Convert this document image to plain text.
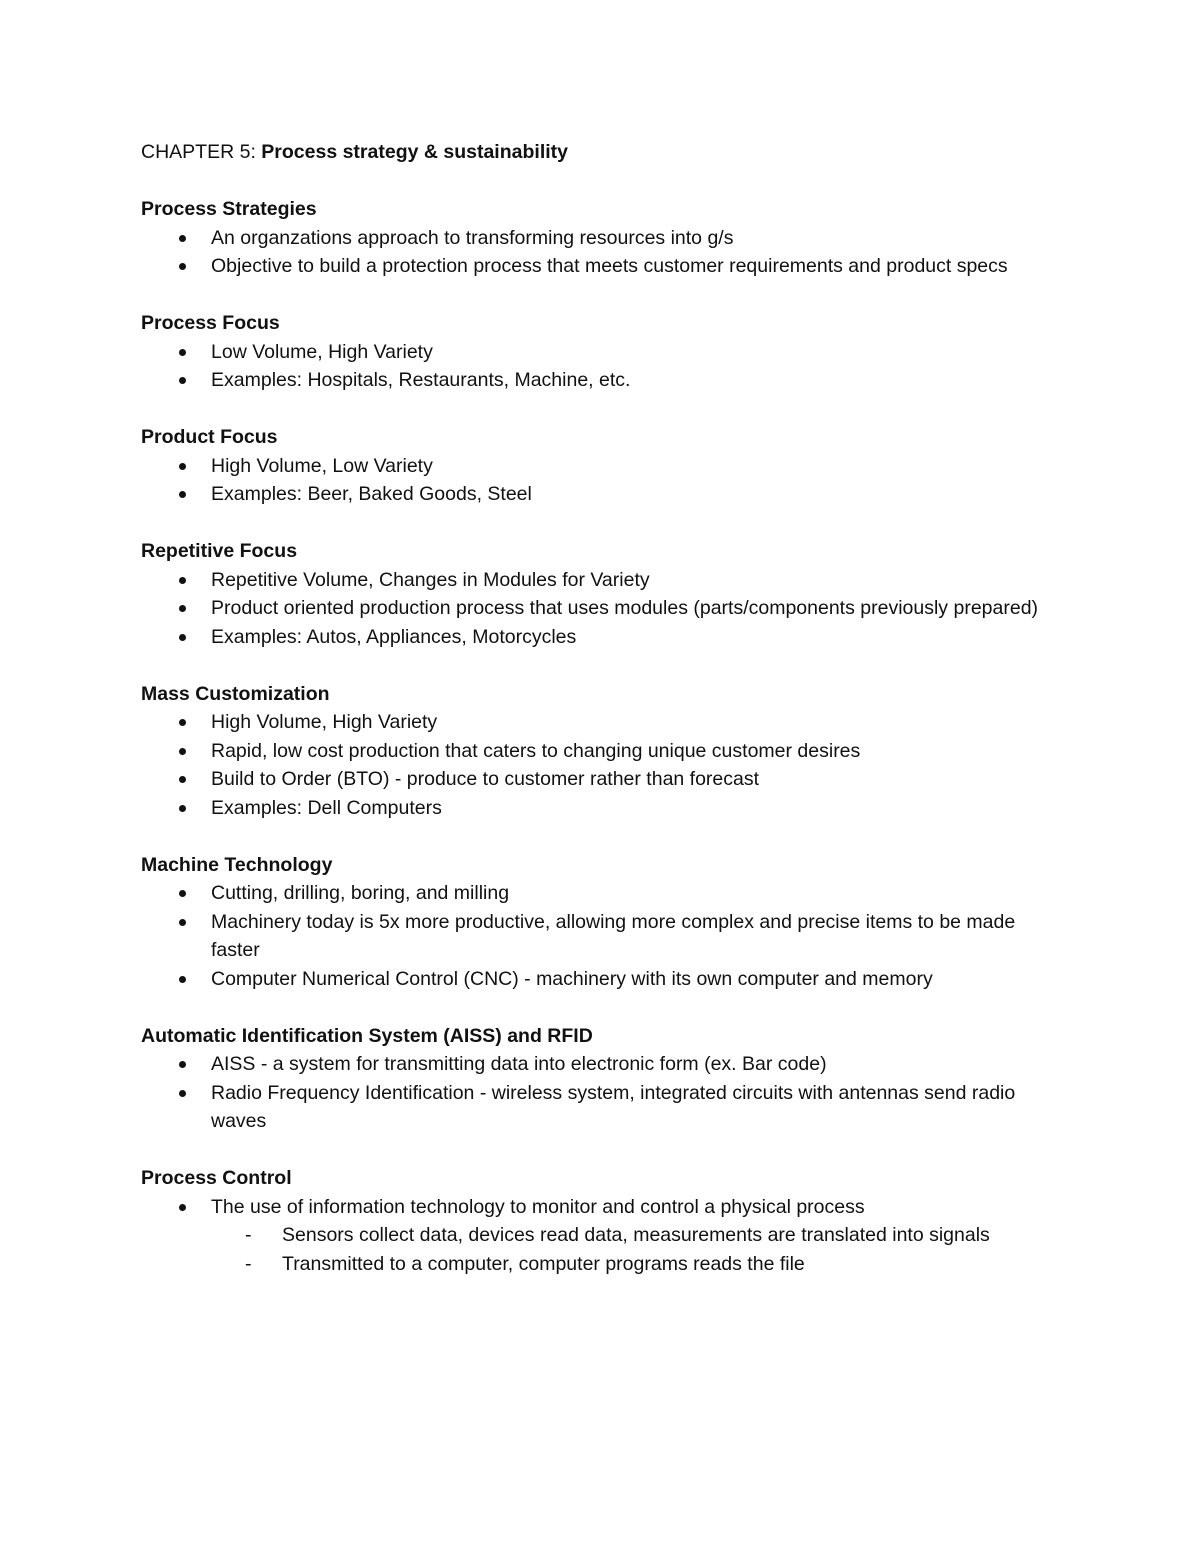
CHAPTER 5: Process strategy & sustainability
Process Strategies
An organzations approach to transforming resources into g/s
Objective to build a protection process that meets customer requirements and product specs
Process Focus
Low Volume, High Variety
Examples: Hospitals, Restaurants, Machine, etc.
Product Focus
High Volume, Low Variety
Examples: Beer, Baked Goods, Steel
Repetitive Focus
Repetitive Volume, Changes in Modules for Variety
Product oriented production process that uses modules (parts/components previously prepared)
Examples: Autos, Appliances, Motorcycles
Mass Customization
High Volume, High Variety
Rapid, low cost production that caters to changing unique customer desires
Build to Order (BTO) - produce to customer rather than forecast
Examples: Dell Computers
Machine Technology
Cutting, drilling, boring, and milling
Machinery today is 5x more productive, allowing more complex and precise items to be made faster
Computer Numerical Control (CNC) - machinery with its own computer and memory
Automatic Identification System (AISS) and RFID
AISS - a system for transmitting data into electronic form (ex. Bar code)
Radio Frequency Identification - wireless system, integrated circuits with antennas send radio waves
Process Control
The use of information technology to monitor and control a physical process
- Sensors collect data, devices read data, measurements are translated into signals
- Transmitted to a computer, computer programs reads the file
